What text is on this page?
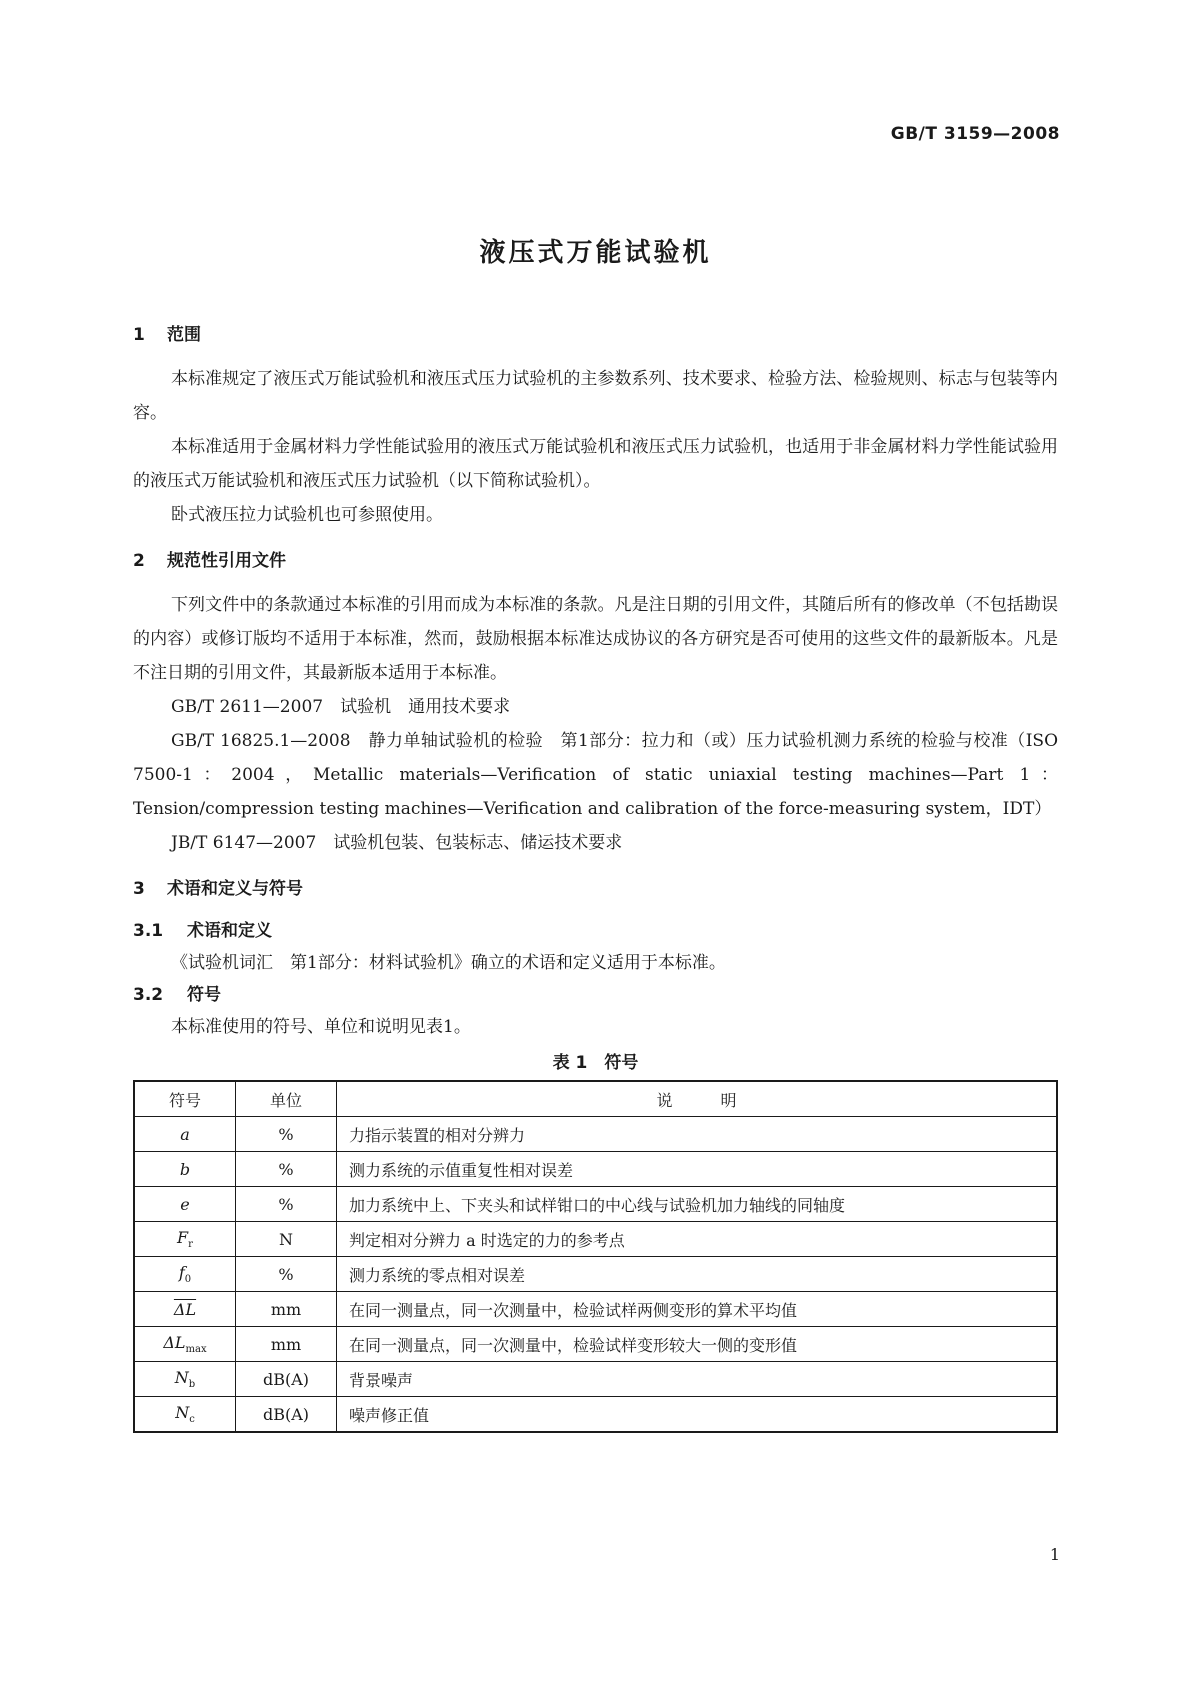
GB/T 3159—2008
液压式万能试验机
1 范围

本标准规定了液压式万能试验机和液压式压力试验机的主参数系列、技术要求、检验方法、检验规则、标志与包装等内容。

本标准适用于金属材料力学性能试验用的液压式万能试验机和液压式压力试验机，也适用于非金属材料力学性能试验用的液压式万能试验机和液压式压力试验机（以下简称试验机）。

卧式液压拉力试验机也可参照使用。

2 规范性引用文件

下列文件中的条款通过本标准的引用而成为本标准的条款。凡是注日期的引用文件，其随后所有的修改单（不包括勘误的内容）或修订版均不适用于本标准，然而，鼓励根据本标准达成协议的各方研究是否可使用的这些文件的最新版本。凡是不注日期的引用文件，其最新版本适用于本标准。

GB/T 2611—2007　试验机　通用技术要求

GB/T 16825.1—2008　静力单轴试验机的检验　第1部分：拉力和（或）压力试验机测力系统的检验与校准（ISO 7500-1：2004，Metallic materials—Verification of static uniaxial testing machines—Part 1：Tension/compression testing machines—Verification and calibration of the force-measuring system，IDT）

JB/T 6147—2007　试验机包装、包装标志、储运技术要求

3 术语和定义与符号
3.1 术语和定义

《试验机词汇　第1部分：材料试验机》确立的术语和定义适用于本标准。

3.2 符号

本标准使用的符号、单位和说明见表1。

表 1　符号
符号	单位	说　　　明
a	%	力指示装置的相对分辨力
b	%	测力系统的示值重复性相对误差
e	%	加力系统中上、下夹头和试样钳口的中心线与试验机加力轴线的同轴度
$F_r$	N	判定相对分辨力 a 时选定的力的参考点
$f_0$	%	测力系统的零点相对误差
$\overline{\Delta L}$	mm	在同一测量点，同一次测量中，检验试样两侧变形的算术平均值
$\Delta L_{max}$	mm	在同一测量点，同一次测量中，检验试样变形较大一侧的变形值
$N_b$	dB(A)	背景噪声
$N_c$	dB(A)	噪声修正值
1
